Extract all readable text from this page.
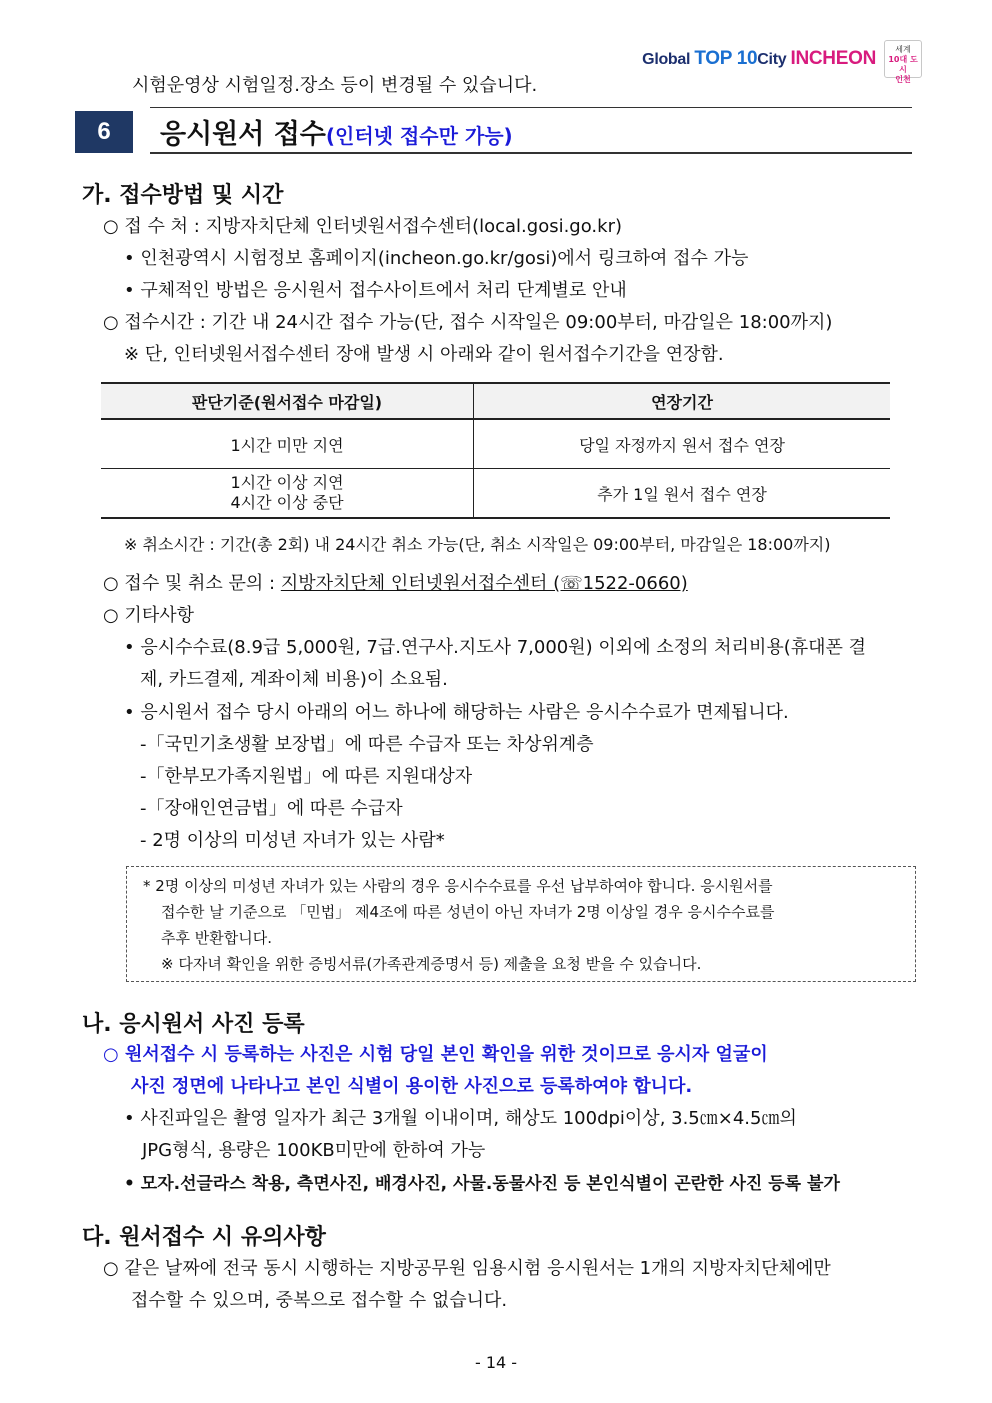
Global TOP 10City INCHEON	세계
10대 도시
인천
시험운영상 시험일정.장소 등이 변경될 수 있습니다.
6	응시원서 접수(인터넷 접수만 가능)
가. 접수방법 및 시간
○ 접 수 처 : 지방자치단체 인터넷원서접수센터(local.gosi.go.kr)
• 인천광역시 시험정보 홈페이지(incheon.go.kr/gosi)에서 링크하여 접수 가능
• 구체적인 방법은 응시원서 접수사이트에서 처리 단계별로 안내
○ 접수시간 : 기간 내 24시간 접수 가능(단, 접수 시작일은 09:00부터, 마감일은 18:00까지)
※ 단, 인터넷원서접수센터 장애 발생 시 아래와 같이 원서접수기간을 연장함.
판단기준(원서접수 마감일)	연장기간
1시간 미만 지연	당일 자정까지 원서 접수 연장

1시간 이상 지연
4시간 이상 중단	추가 1일 원서 접수 연장
※ 취소시간 : 기간(총 2회) 내 24시간 취소 가능(단, 취소 시작일은 09:00부터, 마감일은 18:00까지)
○ 접수 및 취소 문의 : 지방자치단체 인터넷원서접수센터 (☏1522-0660)
○ 기타사항
• 응시수수료(8.9급 5,000원, 7급.연구사.지도사 7,000원) 이외에 소정의 처리비용(휴대폰 결
제, 카드결제, 계좌이체 비용)이 소요됨.
• 응시원서 접수 당시 아래의 어느 하나에 해당하는 사람은 응시수수료가 면제됩니다.
-「국민기초생활 보장법」에 따른 수급자 또는 차상위계층
-「한부모가족지원법」에 따른 지원대상자
-「장애인연금법」에 따른 수급자
- 2명 이상의 미성년 자녀가 있는 사람*
* 2명 이상의 미성년 자녀가 있는 사람의 경우 응시수수료를 우선 납부하여야 합니다. 응시원서를
접수한 날 기준으로 「민법」 제4조에 따른 성년이 아닌 자녀가 2명 이상일 경우 응시수수료를
추후 반환합니다.
※ 다자녀 확인을 위한 증빙서류(가족관계증명서 등) 제출을 요청 받을 수 있습니다.
나. 응시원서 사진 등록
○ 원서접수 시 등록하는 사진은 시험 당일 본인 확인을 위한 것이므로 응시자 얼굴이
사진 정면에 나타나고 본인 식별이 용이한 사진으로 등록하여야 합니다.
• 사진파일은 촬영 일자가 최근 3개월 이내이며, 해상도 100dpi이상, 3.5㎝×4.5㎝의
JPG형식, 용량은 100KB미만에 한하여 가능
• 모자.선글라스 착용, 측면사진, 배경사진, 사물.동물사진 등 본인식별이 곤란한 사진 등록 불가
다. 원서접수 시 유의사항
○ 같은 날짜에 전국 동시 시행하는 지방공무원 임용시험 응시원서는 1개의 지방자치단체에만
접수할 수 있으며, 중복으로 접수할 수 없습니다.
- 14 -
